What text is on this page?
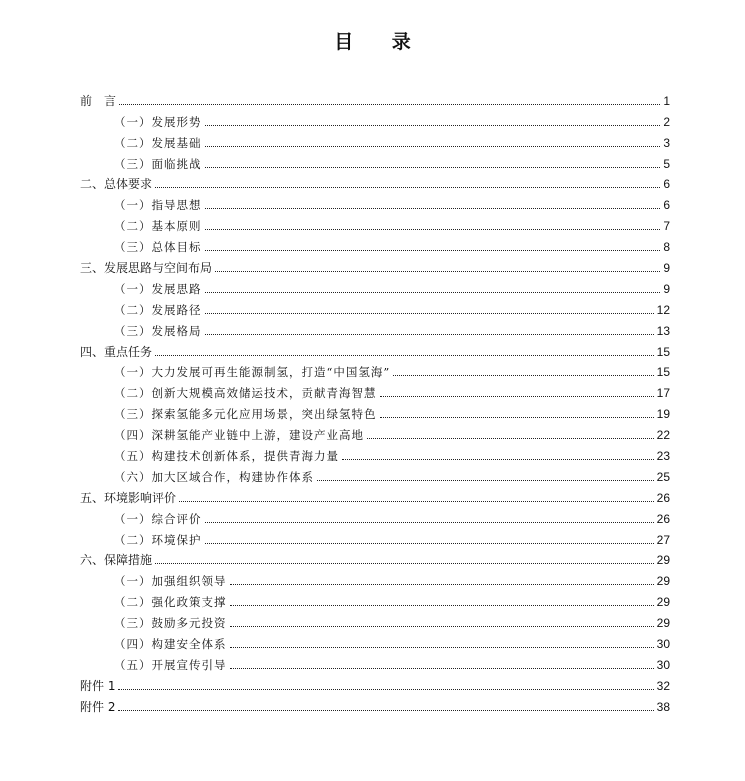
目 录
前　言	1
（一）发展形势	2
（二）发展基础	3
（三）面临挑战	5
二、总体要求	6
（一）指导思想	6
（二）基本原则	7
（三）总体目标	8
三、发展思路与空间布局	9
（一）发展思路	9
（二）发展路径	12
（三）发展格局	13
四、重点任务	15
（一）大力发展可再生能源制氢，打造“中国氢海”	15
（二）创新大规模高效储运技术，贡献青海智慧	17
（三）探索氢能多元化应用场景，突出绿氢特色	19
（四）深耕氢能产业链中上游，建设产业高地	22
（五）构建技术创新体系，提供青海力量	23
（六）加大区域合作，构建协作体系	25
五、环境影响评价	26
（一）综合评价	26
（二）环境保护	27
六、保障措施	29
（一）加强组织领导	29
（二）强化政策支撑	29
（三）鼓励多元投资	29
（四）构建安全体系	30
（五）开展宣传引导	30
附件 1	32
附件 2	38
